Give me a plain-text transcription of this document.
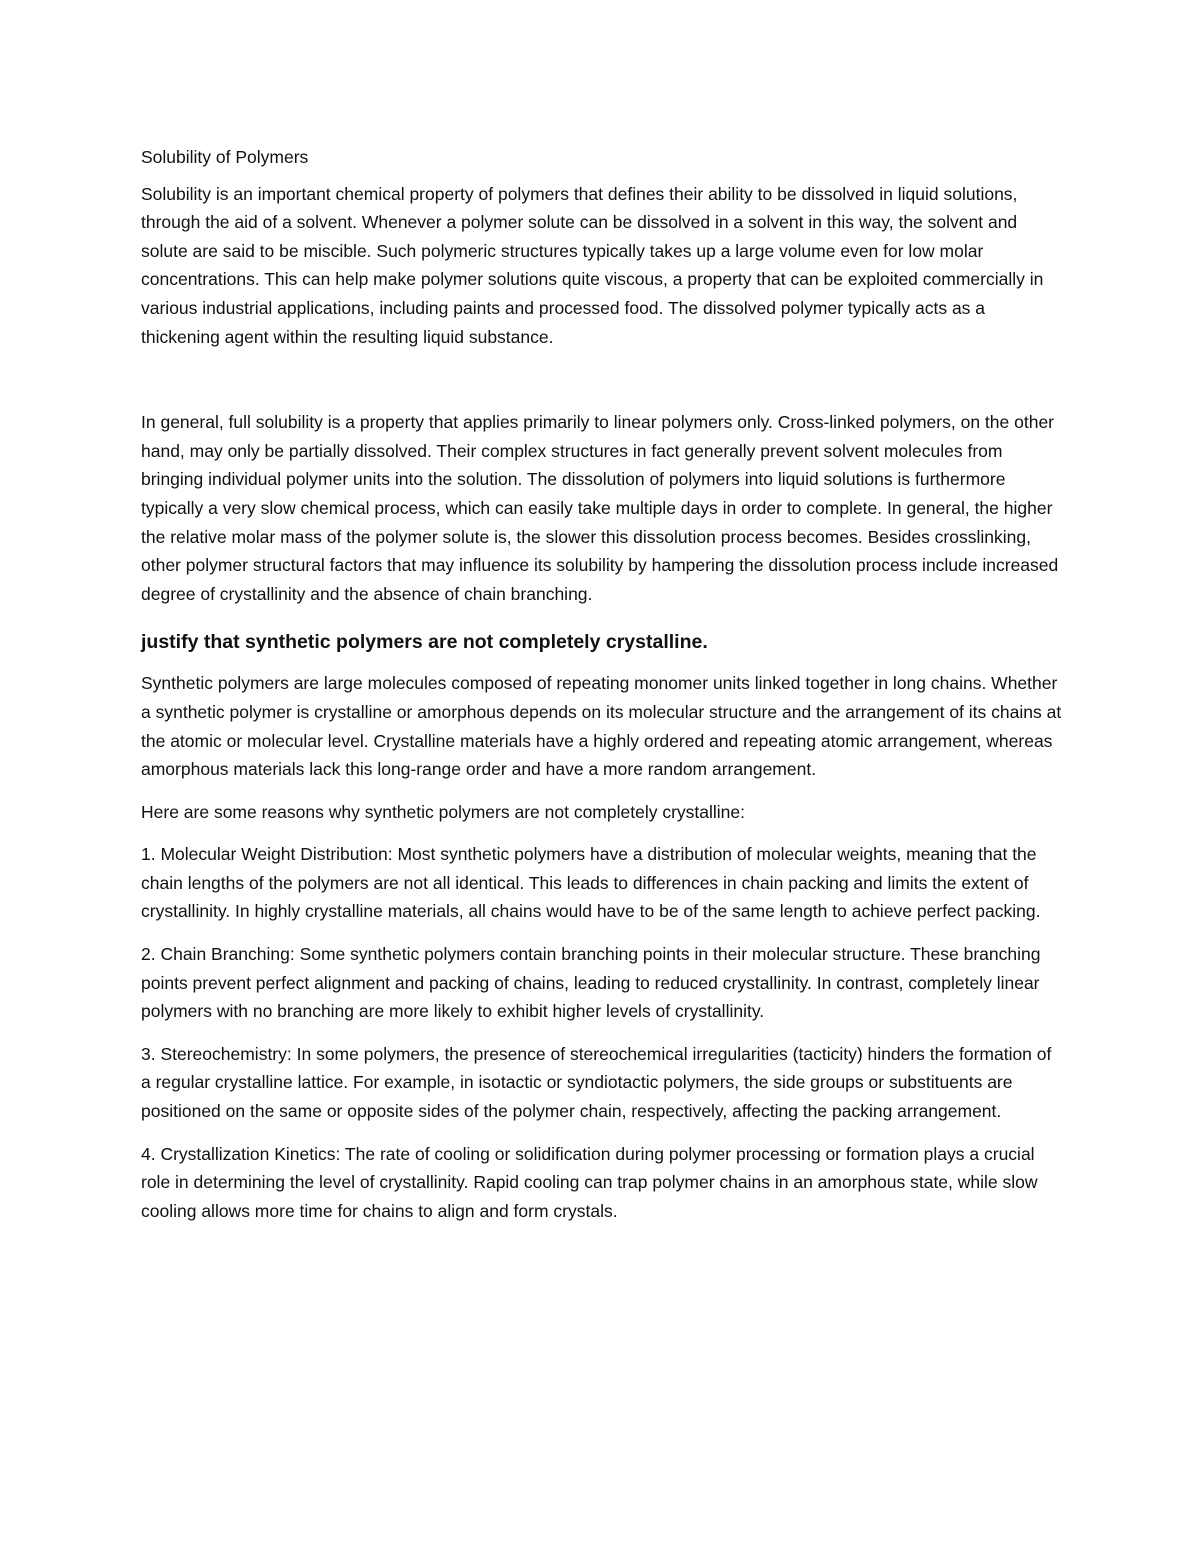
Solubility of Polymers

Solubility is an important chemical property of polymers that defines their ability to be dissolved in liquid solutions, through the aid of a solvent. Whenever a polymer solute can be dissolved in a solvent in this way, the solvent and solute are said to be miscible. Such polymeric structures typically takes up a large volume even for low molar concentrations. This can help make polymer solutions quite viscous, a property that can be exploited commercially in various industrial applications, including paints and processed food. The dissolved polymer typically acts as a thickening agent within the resulting liquid substance.

In general, full solubility is a property that applies primarily to linear polymers only. Cross-linked polymers, on the other hand, may only be partially dissolved. Their complex structures in fact generally prevent solvent molecules from bringing individual polymer units into the solution. The dissolution of polymers into liquid solutions is furthermore typically a very slow chemical process, which can easily take multiple days in order to complete. In general, the higher the relative molar mass of the polymer solute is, the slower this dissolution process becomes. Besides crosslinking, other polymer structural factors that may influence its solubility by hampering the dissolution process include increased degree of crystallinity and the absence of chain branching.

justify that synthetic polymers are not completely crystalline.

Synthetic polymers are large molecules composed of repeating monomer units linked together in long chains. Whether a synthetic polymer is crystalline or amorphous depends on its molecular structure and the arrangement of its chains at the atomic or molecular level. Crystalline materials have a highly ordered and repeating atomic arrangement, whereas amorphous materials lack this long-range order and have a more random arrangement.

Here are some reasons why synthetic polymers are not completely crystalline:

1. Molecular Weight Distribution: Most synthetic polymers have a distribution of molecular weights, meaning that the chain lengths of the polymers are not all identical. This leads to differences in chain packing and limits the extent of crystallinity. In highly crystalline materials, all chains would have to be of the same length to achieve perfect packing.

2. Chain Branching: Some synthetic polymers contain branching points in their molecular structure. These branching points prevent perfect alignment and packing of chains, leading to reduced crystallinity. In contrast, completely linear polymers with no branching are more likely to exhibit higher levels of crystallinity.

3. Stereochemistry: In some polymers, the presence of stereochemical irregularities (tacticity) hinders the formation of a regular crystalline lattice. For example, in isotactic or syndiotactic polymers, the side groups or substituents are positioned on the same or opposite sides of the polymer chain, respectively, affecting the packing arrangement.

4. Crystallization Kinetics: The rate of cooling or solidification during polymer processing or formation plays a crucial role in determining the level of crystallinity. Rapid cooling can trap polymer chains in an amorphous state, while slow cooling allows more time for chains to align and form crystals.
